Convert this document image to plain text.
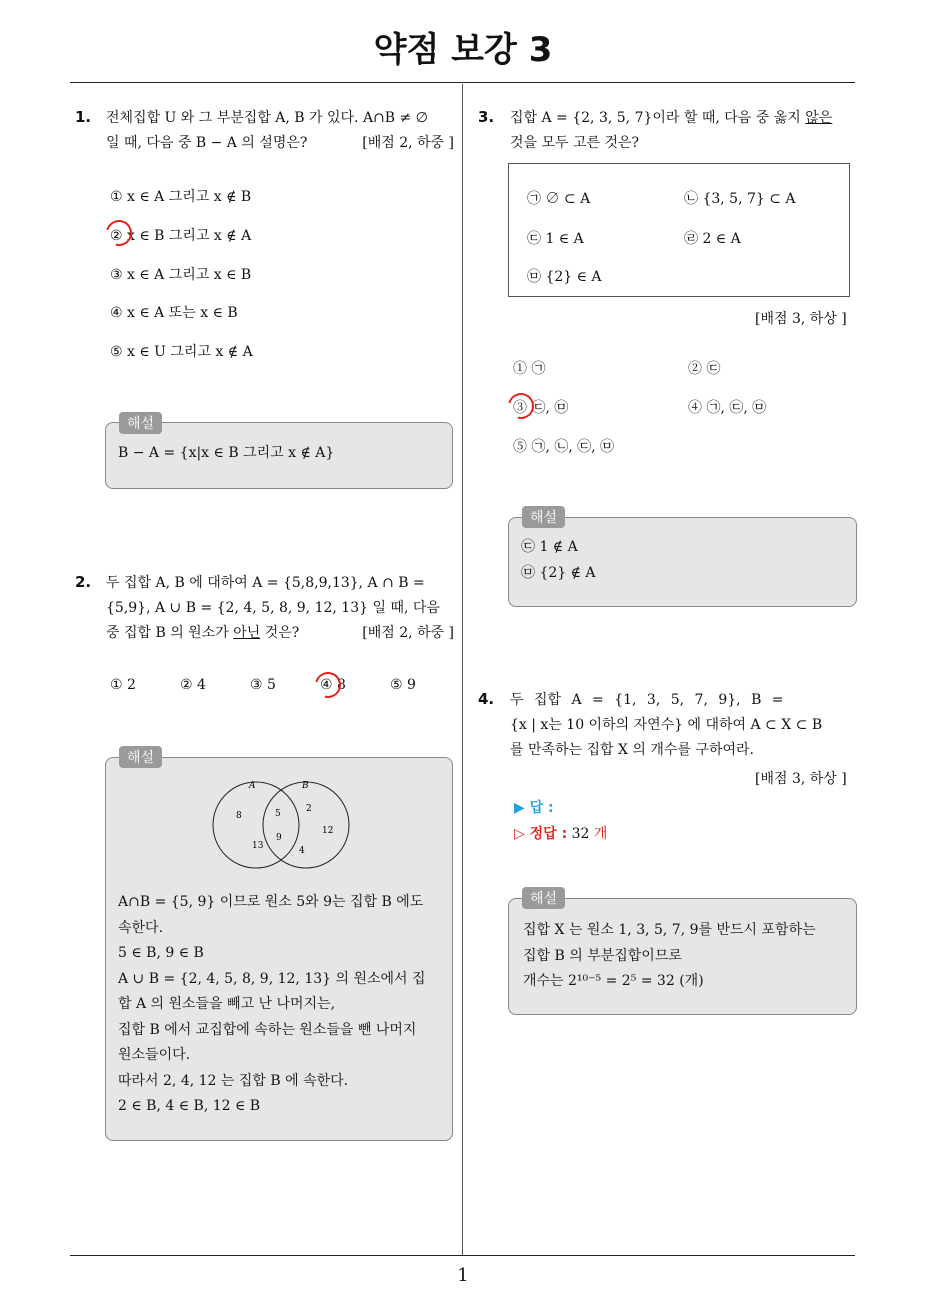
약점 보강 3
1
1. 전체집합 U 와 그 부분집합 A, B 가 있다. A∩B ≠ ∅
일 때, 다음 중 B − A 의 설명은?	[배점 2, 하중 ]
① x ∈ A 그리고 x ∉ B
② x ∈ B 그리고 x ∉ A
③ x ∈ A 그리고 x ∈ B
④ x ∈ A 또는 x ∈ B
⑤ x ∈ U 그리고 x ∉ A
B − A = {x|x ∈ B 그리고 x ∉ A}
해설
2. 두 집합 A, B 에 대하여 A = {5,8,9,13}, A ∩ B =
{5,9}, A ∪ B = {2, 4, 5, 8, 9, 12, 13} 일 때, 다음
중 집합 B 의 원소가 아닌 것은?	[배점 2, 하중 ]
① 2	② 4	③ 5	④ 8	⑤ 9
A	B
8
13
5
9
2
12
4
A∩B = {5, 9} 이므로 원소 5와 9는 집합 B 에도
속한다.
5 ∈ B, 9 ∈ B
A ∪ B = {2, 4, 5, 8, 9, 12, 13} 의 원소에서 집
합 A 의 원소들을 빼고 난 나머지는,
집합 B 에서 교집합에 속하는 원소들을 뺀 나머지
원소들이다.
따라서 2, 4, 12 는 집합 B 에 속한다.
2 ∈ B, 4 ∈ B, 12 ∈ B
해설
3. 집합 A = {2, 3, 5, 7}이라 할 때, 다음 중 옳지 않은
것을 모두 고른 것은?
㉠ ∅ ⊂ A	㉡ {3, 5, 7} ⊂ A
㉢ 1 ∈ A	㉣ 2 ∈ A
㉤ {2} ∈ A
[배점 3, 하상 ]
① ㉠	② ㉢
③ ㉢, ㉤	④ ㉠, ㉢, ㉤
⑤ ㉠, ㉡, ㉢, ㉤
㉢ 1 ∉ A
㉤ {2} ∉ A
해설
4. 두 집합 A = {1, 3, 5, 7, 9}, B =
{x | x는 10 이하의 자연수} 에 대하여 A ⊂ X ⊂ B
를 만족하는 집합 X 의 개수를 구하여라.
[배점 3, 하상 ]
▶ 답 :
▷ 정답 : 32 개
집합 X 는 원소 1, 3, 5, 7, 9를 반드시 포함하는
집합 B 의 부분집합이므로
개수는 2¹⁰⁻⁵ = 2⁵ = 32 (개)
해설
